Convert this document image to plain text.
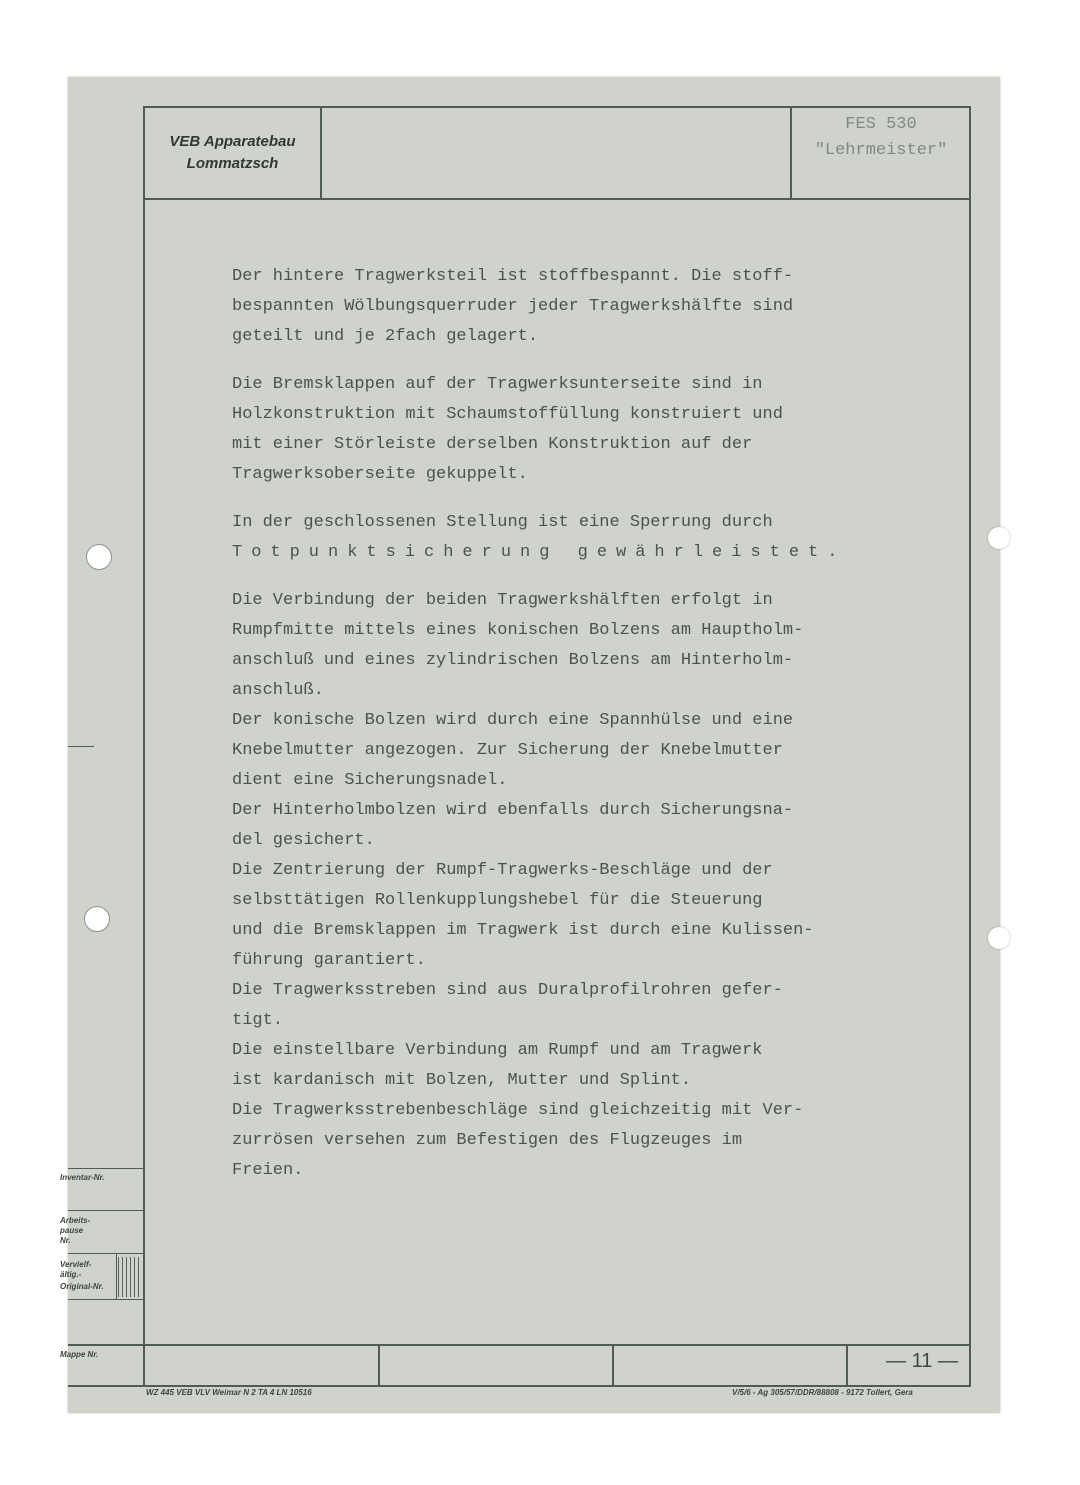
VEB Apparatebau
Lommatzsch
FES 530
"Lehrmeister"
Der hintere Tragwerksteil ist stoffbespannt. Die stoff-
bespannten Wölbungsquerruder jeder Tragwerkshälfte sind
geteilt und je 2fach gelagert.
Die Bremsklappen auf der Tragwerksunterseite sind in
Holzkonstruktion mit Schaumstoffüllung konstruiert und
mit einer Störleiste derselben Konstruktion auf der
Tragwerksoberseite gekuppelt.
In der geschlossenen Stellung ist eine Sperrung durch
Totpunktsicherung gewährleistet.
Die Verbindung der beiden Tragwerkshälften erfolgt in
Rumpfmitte mittels eines konischen Bolzens am Hauptholm-
anschluß und eines zylindrischen Bolzens am Hinterholm-
anschluß.
Der konische Bolzen wird durch eine Spannhülse und eine
Knebelmutter angezogen. Zur Sicherung der Knebelmutter
dient eine Sicherungsnadel.
Der Hinterholmbolzen wird ebenfalls durch Sicherungsna-
del gesichert.
Die Zentrierung der Rumpf-Tragwerks-Beschläge und der
selbsttätigen Rollenkupplungshebel für die Steuerung
und die Bremsklappen im Tragwerk ist durch eine Kulissen-
führung garantiert.
Die Tragwerksstreben sind aus Duralprofilrohren gefer-
tigt.
Die einstellbare Verbindung am Rumpf und am Tragwerk
ist kardanisch mit Bolzen, Mutter und Splint.
Die Tragwerksstrebenbeschläge sind gleichzeitig mit Ver-
zurrösen versehen zum Befestigen des Flugzeuges im
Freien.
Inventar-Nr.
Arbeits-
pause
Nr.
Vervielf-
ältig.-
Original-Nr.
Mappe Nr.	— 11 —
WZ 445 VEB VLV Weimar N 2 TA 4 LN 10516	V/5/6 - Ag 305/57/DDR/88808 - 9172 Tollert, Gera
